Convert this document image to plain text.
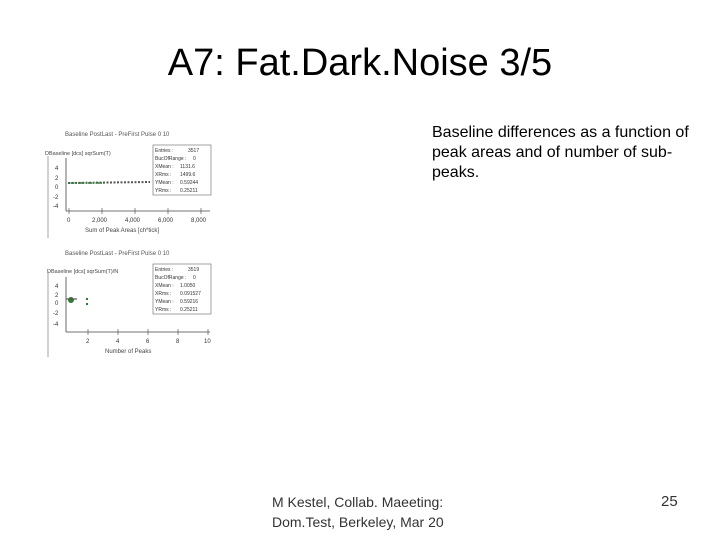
A7: Fat.Dark.Noise 3/5
Baseline PostLast - PreFirst Pulse 0 10
DBaseline [dcs] sqrSum(T)
4
2
0
-2
-4
Entries :	3517
BucOfRange : 0
XMean : 1131.6
XRms : 1499.6
YMean : 0.59244
YRms : 0.25211
0	2,000	4,000	6,000	8,000
Sum of Peak Areas [ch*tick]
Baseline PostLast - PreFirst Pulse 0 10
DBaseline [dcs] sqrSum(T)/N
4
2
0
-2
-4
Entries :	3519
BucOfRange : 0
XMean : 1.0050
XRms : 0.091527
YMean : 0.59216
YRms : 0.25211
2	4	6	8	10
Number of Peaks
Baseline differences as a function of peak areas and of number of sub-peaks.
M Kestel, Collab. Maeeting:
Dom.Test, Berkeley, Mar 20
25
